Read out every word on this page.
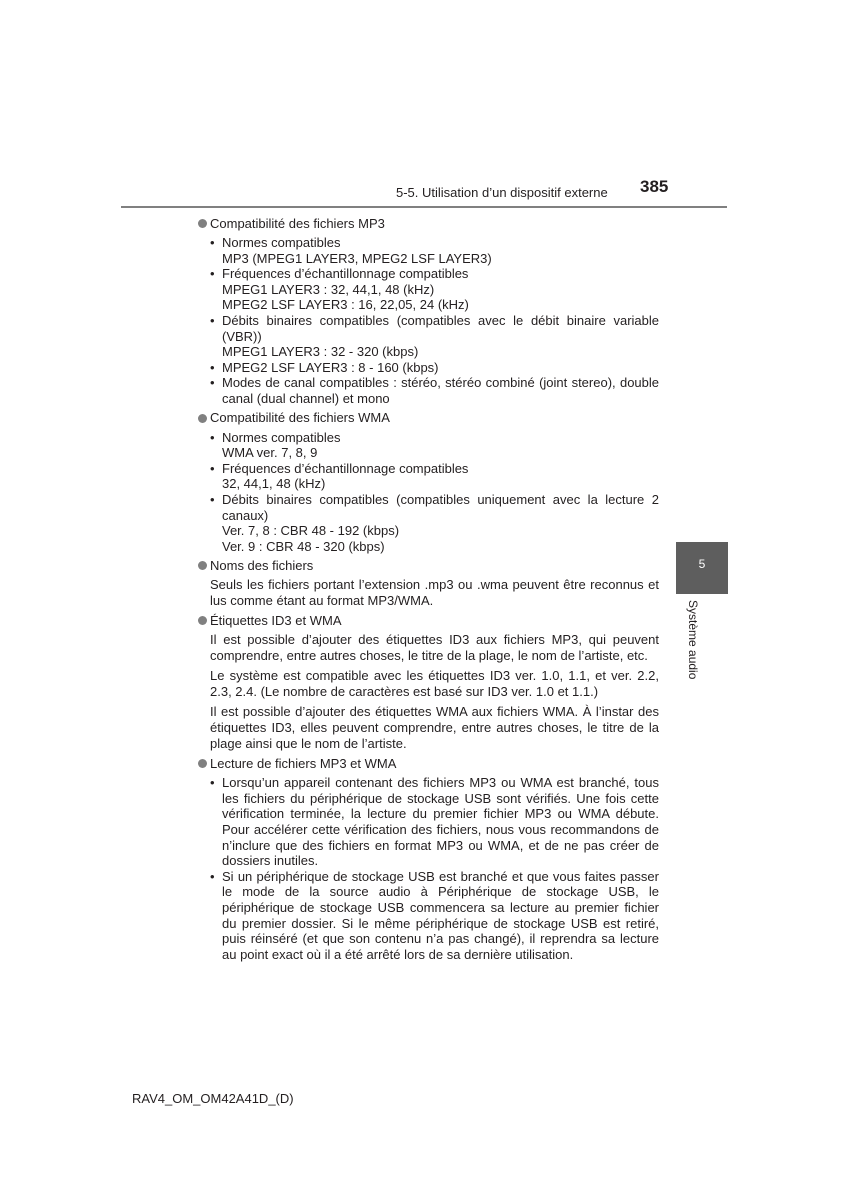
5-5. Utilisation d’un dispositif externe 385
Compatibilité des fichiers MP3
• Normes compatibles
MP3 (MPEG1 LAYER3, MPEG2 LSF LAYER3)
• Fréquences d’échantillonnage compatibles
MPEG1 LAYER3 : 32, 44,1, 48 (kHz)
MPEG2 LSF LAYER3 : 16, 22,05, 24 (kHz)
• Débits binaires compatibles (compatibles avec le débit binaire variable (VBR))
MPEG1 LAYER3 : 32 - 320 (kbps)
• MPEG2 LSF LAYER3 : 8 - 160 (kbps)
• Modes de canal compatibles : stéréo, stéréo combiné (joint stereo), double canal (dual channel) et mono
Compatibilité des fichiers WMA
• Normes compatibles
WMA ver. 7, 8, 9
• Fréquences d’échantillonnage compatibles
32, 44,1, 48 (kHz)
• Débits binaires compatibles (compatibles uniquement avec la lecture 2 canaux)
Ver. 7, 8 : CBR 48 - 192 (kbps)
Ver. 9 : CBR 48 - 320 (kbps)
Noms des fichiers

Seuls les fichiers portant l’extension .mp3 ou .wma peuvent être reconnus et lus comme étant au format MP3/WMA.

Étiquettes ID3 et WMA

Il est possible d’ajouter des étiquettes ID3 aux fichiers MP3, qui peuvent comprendre, entre autres choses, le titre de la plage, le nom de l’artiste, etc.

Le système est compatible avec les étiquettes ID3 ver. 1.0, 1.1, et ver. 2.2, 2.3, 2.4. (Le nombre de caractères est basé sur ID3 ver. 1.0 et 1.1.)

Il est possible d’ajouter des étiquettes WMA aux fichiers WMA. À l’instar des étiquettes ID3, elles peuvent comprendre, entre autres choses, le titre de la plage ainsi que le nom de l’artiste.

Lecture de fichiers MP3 et WMA
• Lorsqu’un appareil contenant des fichiers MP3 ou WMA est branché, tous les fichiers du périphérique de stockage USB sont vérifiés. Une fois cette vérification terminée, la lecture du premier fichier MP3 ou WMA débute. Pour accélérer cette vérification des fichiers, nous vous recommandons de n’inclure que des fichiers en format MP3 ou WMA, et de ne pas créer de dossiers inutiles.
• Si un périphérique de stockage USB est branché et que vous faites passer le mode de la source audio à Périphérique de stockage USB, le périphérique de stockage USB commencera sa lecture au premier fichier du premier dossier. Si le même périphérique de stockage USB est retiré, puis réinséré (et que son contenu n’a pas changé), il reprendra sa lecture au point exact où il a été arrêté lors de sa dernière utilisation.
5
Système audio
RAV4_OM_OM42A41D_(D)
